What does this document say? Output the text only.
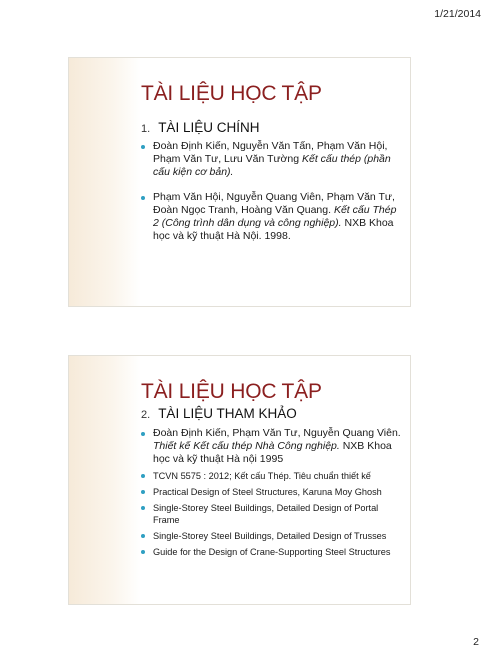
1/21/2014
TÀI LIỆU HỌC TẬP
1. TÀI LIỆU CHÍNH
Đoàn Định Kiến, Nguyễn Văn Tấn, Phạm Văn Hội, Phạm Văn Tư, Lưu Văn Tường Kết cấu thép (phần cấu kiện cơ bản).
Phạm Văn Hội, Nguyễn Quang Viên, Phạm Văn Tư, Đoàn Ngọc Tranh, Hoàng Văn Quang. Kết cấu Thép 2 (Công trình dân dụng và công nghiệp). NXB Khoa học và kỹ thuật Hà Nội. 1998.
TÀI LIỆU HỌC TẬP
2. TÀI LIỆU THAM KHẢO
Đoàn Định Kiến, Phạm Văn Tư, Nguyễn Quang Viên. Thiết kế Kết cấu thép Nhà Công nghiệp. NXB Khoa học và kỹ thuật Hà nội 1995
TCVN 5575 : 2012; Kết cấu Thép. Tiêu chuẩn thiết kế
Practical Design of Steel Structures, Karuna Moy Ghosh
Single-Storey Steel Buildings, Detailed Design of Portal Frame
Single-Storey Steel Buildings, Detailed Design of Trusses
Guide for the Design of Crane-Supporting Steel Structures
2
